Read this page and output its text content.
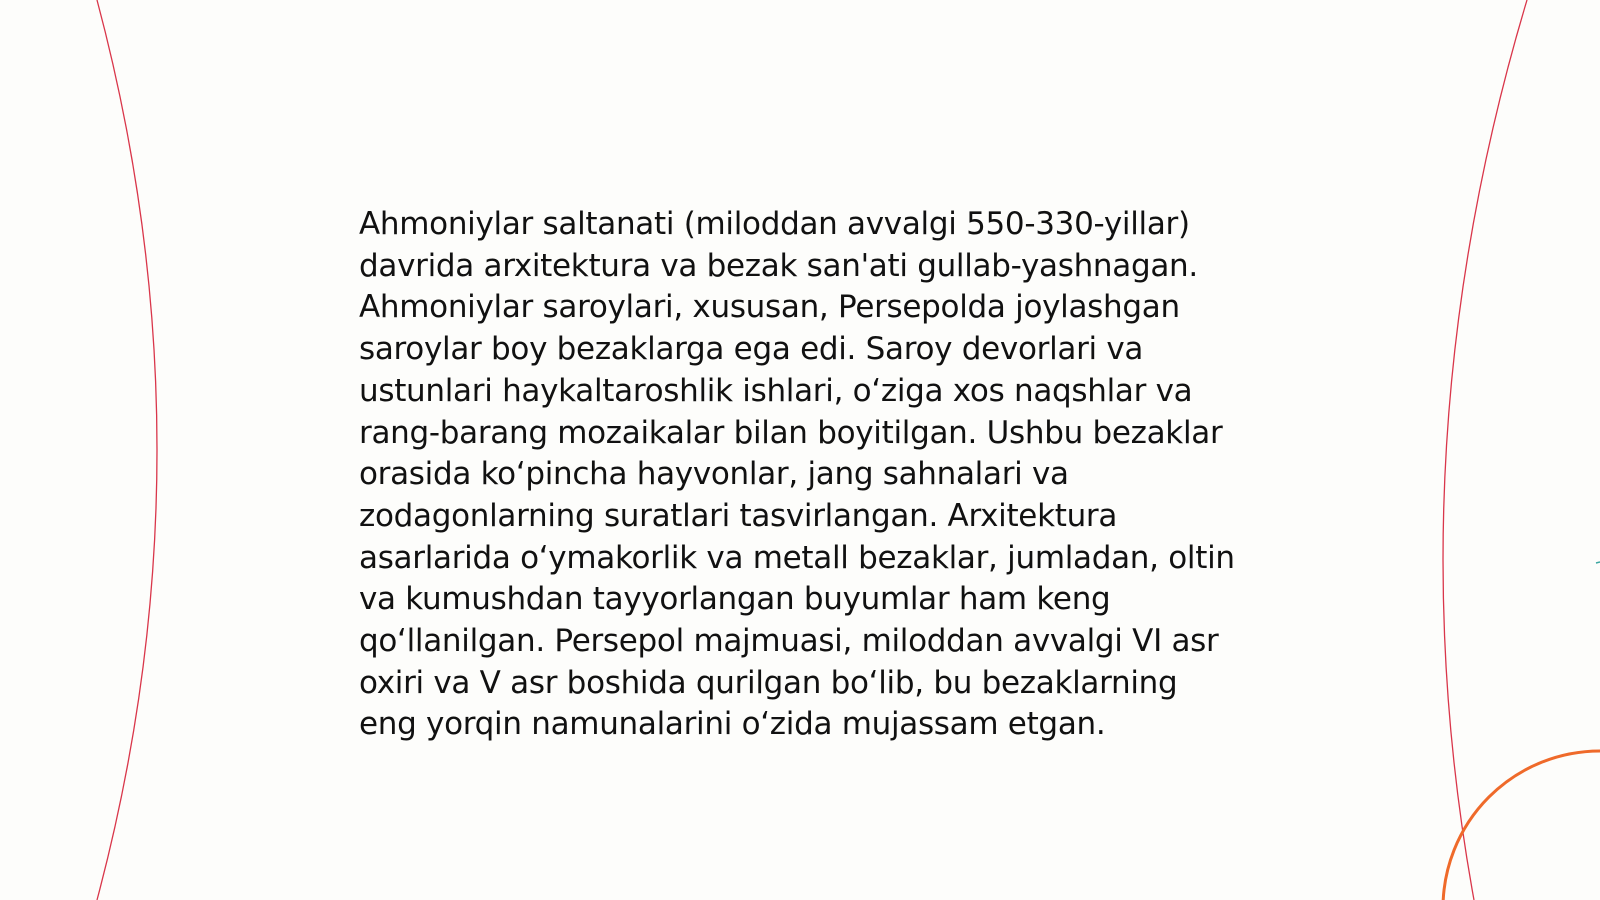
Ahmoniylar saltanati (miloddan avvalgi 550-330-yillar) davrida arxitektura va bezak san'ati gullab-yashnagan. Ahmoniylar saroylari, xususan, Persepolda joylashgan saroylar boy bezaklarga ega edi. Saroy devorlari va ustunlari haykaltaroshlik ishlari, o‘ziga xos naqshlar va rang-barang mozaikalar bilan boyitilgan. Ushbu bezaklar orasida ko‘pincha hayvonlar, jang sahnalari va zodagonlarning suratlari tasvirlangan. Arxitektura asarlarida o‘ymakorlik va metall bezaklar, jumladan, oltin va kumushdan tayyorlangan buyumlar ham keng qo‘llanilgan. Persepol majmuasi, miloddan avvalgi VI asr oxiri va V asr boshida qurilgan bo‘lib, bu bezaklarning eng yorqin namunalarini o‘zida mujassam etgan.
